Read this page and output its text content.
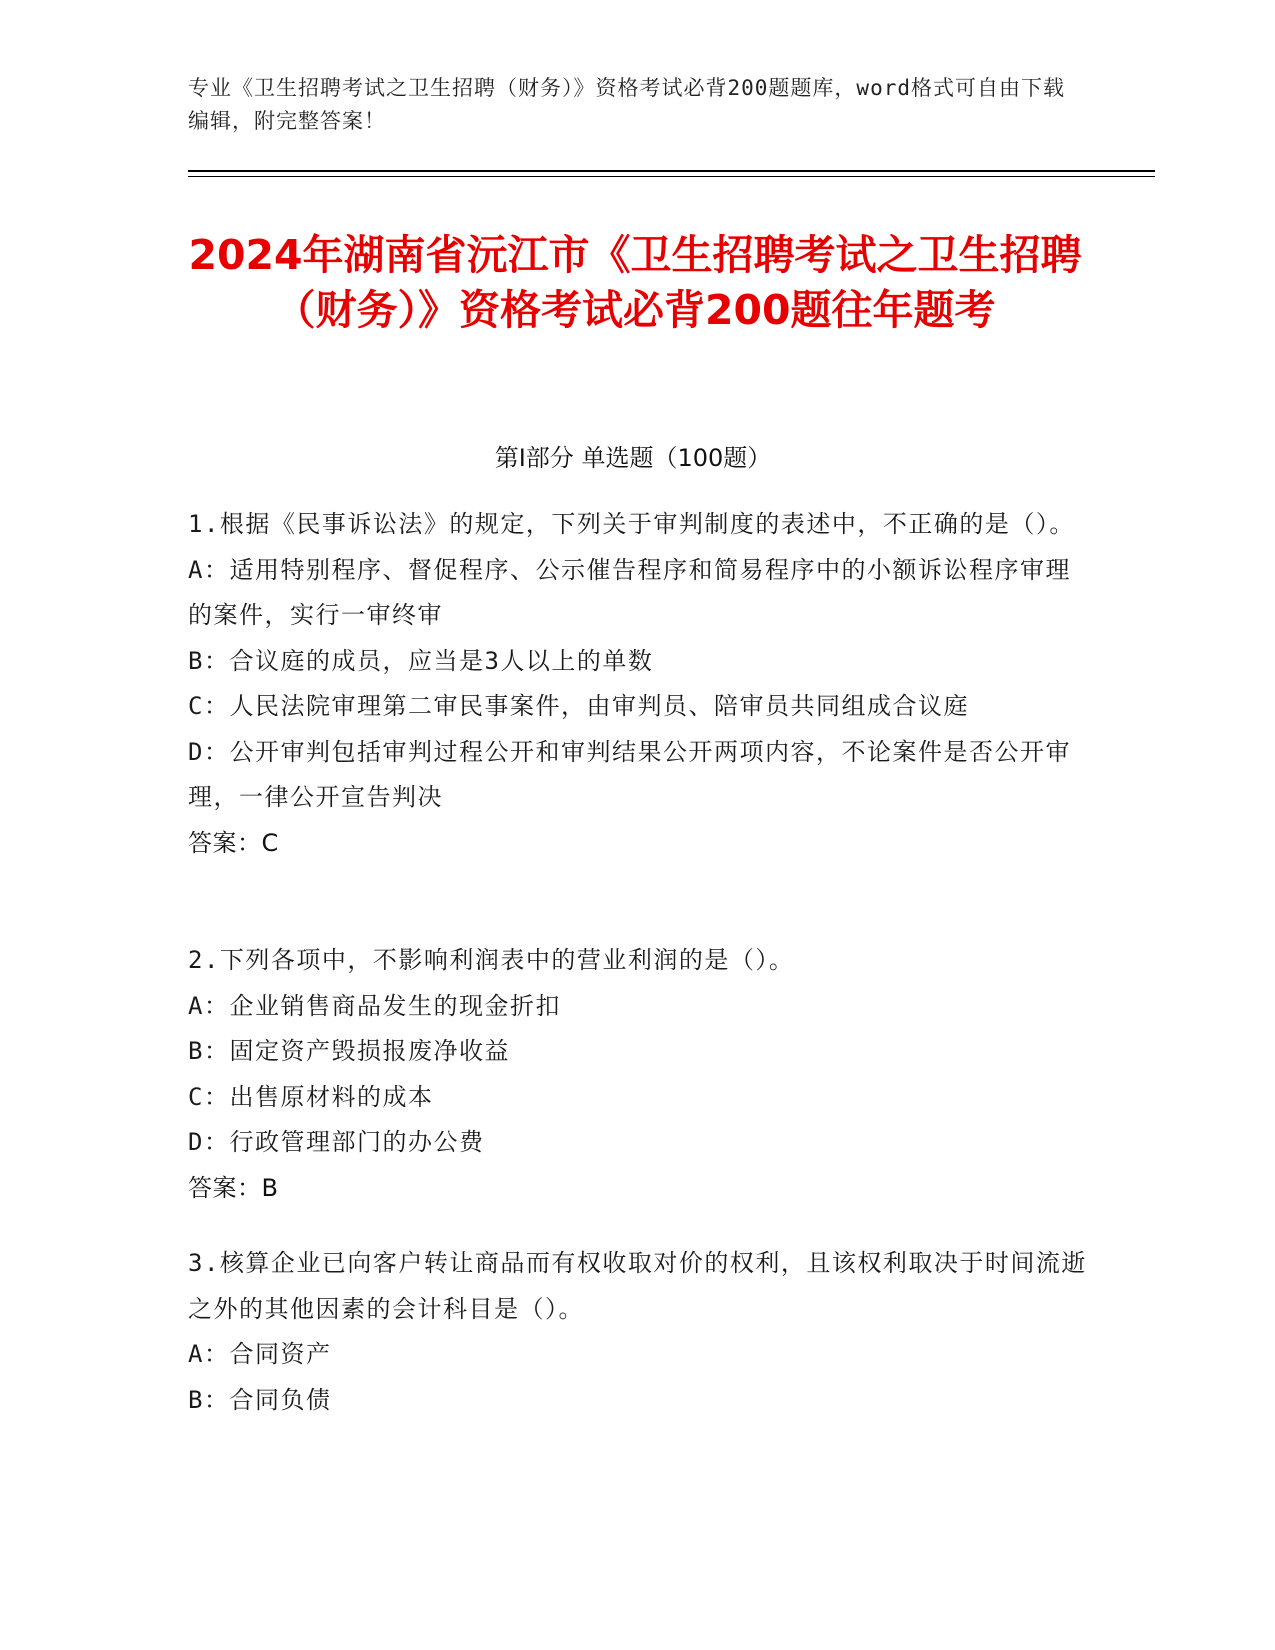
专业《卫生招聘考试之卫生招聘（财务）》资格考试必背200题题库，word格式可自由下载编辑，附完整答案！
2024年湖南省沅江市《卫生招聘考试之卫生招聘（财务）》资格考试必背200题往年题考
第Ⅰ部分 单选题（100题）

1.根据《民事诉讼法》的规定，下列关于审判制度的表述中，不正确的是（）。

A：适用特别程序、督促程序、公示催告程序和简易程序中的小额诉讼程序审理的案件，实行一审终审

B：合议庭的成员，应当是3人以上的单数

C：人民法院审理第二审民事案件，由审判员、陪审员共同组成合议庭

D：公开审判包括审判过程公开和审判结果公开两项内容，不论案件是否公开审理，一律公开宣告判决

答案：C

2.下列各项中，不影响利润表中的营业利润的是（）。

A：企业销售商品发生的现金折扣

B：固定资产毁损报废净收益

C：出售原材料的成本

D：行政管理部门的办公费

答案：B

3.核算企业已向客户转让商品而有权收取对价的权利，且该权利取决于时间流逝之外的其他因素的会计科目是（）。

A：合同资产

B：合同负债
